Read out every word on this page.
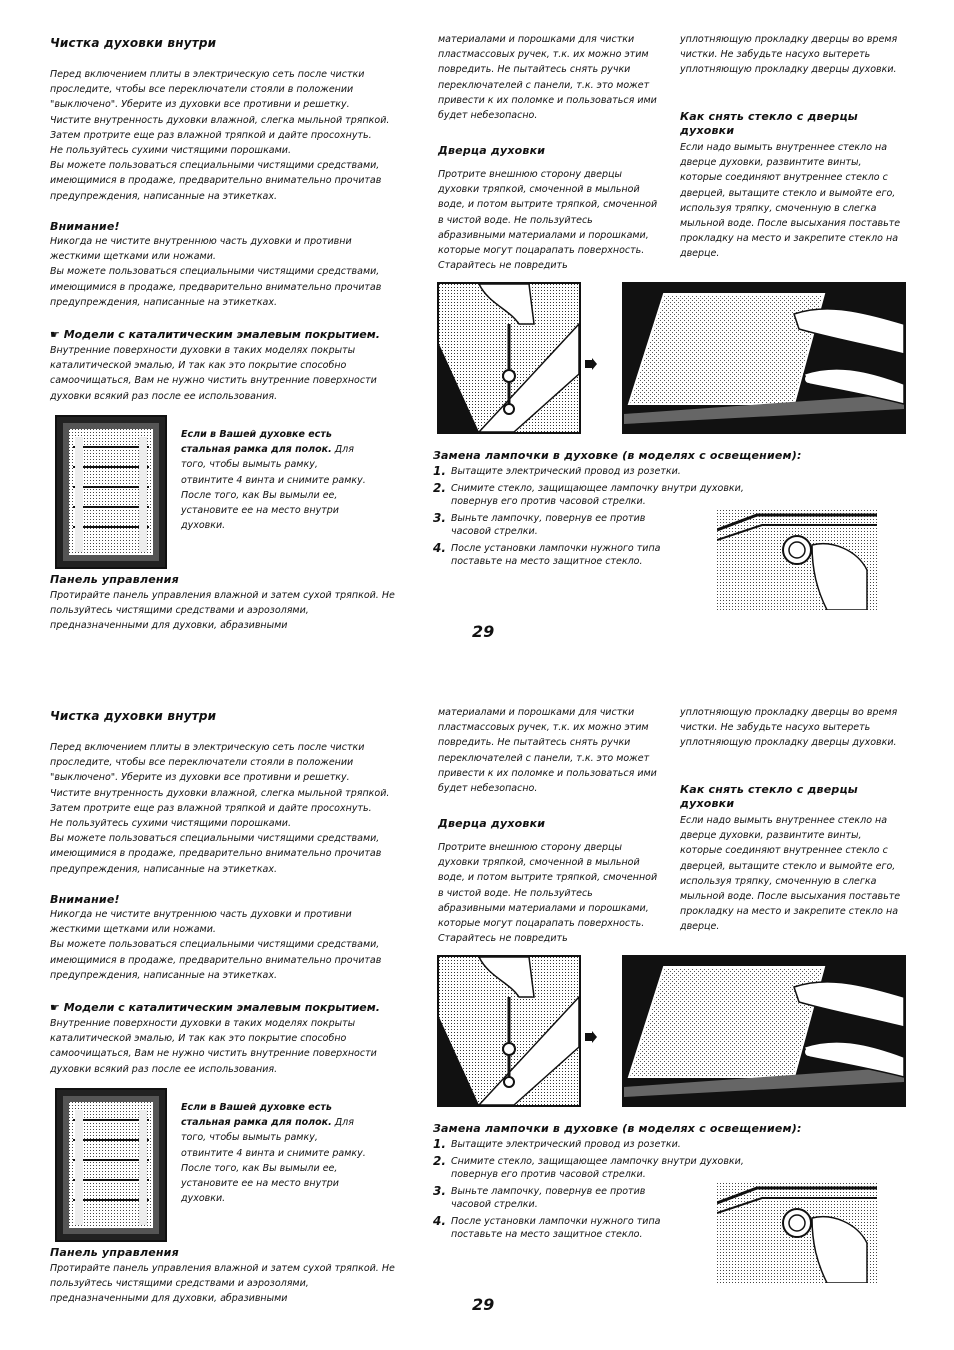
Чистка духовки внутри

Перед включением плиты в электрическую сеть после чистки проследите, чтобы все переключатели стояли в положении "выключено". Уберите из духовки все противни и решетку.

Чистите внутренность духовки влажной, слегка мыльной тряпкой.

Затем протрите еще раз влажной тряпкой и дайте просохнуть.

Не пользуйтесь сухими чистящими порошками.

Вы можете пользоваться специальными чистящими средствами, имеющимися в продаже, предварительно внимательно прочитав предупреждения, написанные на этикетках.

Внимание!

Никогда не чистите внутреннюю часть духовки и противни жесткими щетками или ножами.

Вы можете пользоваться специальными чистящими средствами, имеющимися в продаже, предварительно внимательно прочитав предупреждения, написанные на этикетках.

☛ Модели с каталитическим эмалевым покрытием.
Внутренние поверхности духовки в таких моделях покрыты каталитической эмалью, И так как это покрытие способно самоочищаться, Вам не нужно чистить внутренние поверхности духовки всякий раз после ее использования.
Если в Вашей духовке есть стальная рамка для полок. Для того, чтобы вымыть рамку, отвинтите 4 винта и снимите рамку. После того, как Вы вымыли ее, установите ее на место внутри духовки.
Панель управления
Протирайте панель управления влажной и затем сухой тряпкой. Не пользуйтесь чистящими средствами и аэрозолями, предназначенными для духовки, абразивными
материалами и порошками для чистки пластмассовых ручек, т.к. их можно этим повредить. Не пытайтесь снять ручки переключателей с панели, т.к. это может привести к их поломке и пользоваться ими будет небезопасно.
Дверца духовки
Протрите внешнюю сторону дверцы духовки тряпкой, смоченной в мыльной воде, и потом вытрите тряпкой, смоченной в чистой воде. Не пользуйтесь абразивными материалами и порошками, которые могут поцарапать поверхность. Старайтесь не повредить
уплотняющую прокладку дверцы во время чистки. Не забудьте насухо вытереть уплотняющую прокладку дверцы духовки.
Как снять стекло с дверцы духовки
Если надо вымыть внутреннее стекло на дверце духовки, развинтите винты, которые соединяют внутреннее стекло с дверцей, вытащите стекло и вымойте его, используя тряпку, смоченную в слегка мыльной воде. После высыхания поставьте прокладку на место и закрепите стекло на дверце.
Замена лампочки в духовке (в моделях с освещением):
1. Вытащите электрический провод из розетки.
2. Снимите стекло, защищающее лампочку внутри духовки, повернув его против часовой стрелки.
3. Выньте лампочку, повернув ее против часовой стрелки.
4. После установки лампочки нужного типа поставьте на место защитное стекло.
29
Чистка духовки внутри

Перед включением плиты в электрическую сеть после чистки проследите, чтобы все переключатели стояли в положении "выключено". Уберите из духовки все противни и решетку.

Чистите внутренность духовки влажной, слегка мыльной тряпкой.

Затем протрите еще раз влажной тряпкой и дайте просохнуть.

Не пользуйтесь сухими чистящими порошками.

Вы можете пользоваться специальными чистящими средствами, имеющимися в продаже, предварительно внимательно прочитав предупреждения, написанные на этикетках.

Внимание!

Никогда не чистите внутреннюю часть духовки и противни жесткими щетками или ножами.

Вы можете пользоваться специальными чистящими средствами, имеющимися в продаже, предварительно внимательно прочитав предупреждения, написанные на этикетках.

☛ Модели с каталитическим эмалевым покрытием.
Внутренние поверхности духовки в таких моделях покрыты каталитической эмалью, И так как это покрытие способно самоочищаться, Вам не нужно чистить внутренние поверхности духовки всякий раз после ее использования.
Если в Вашей духовке есть стальная рамка для полок. Для того, чтобы вымыть рамку, отвинтите 4 винта и снимите рамку. После того, как Вы вымыли ее, установите ее на место внутри духовки.
Панель управления
Протирайте панель управления влажной и затем сухой тряпкой. Не пользуйтесь чистящими средствами и аэрозолями, предназначенными для духовки, абразивными
материалами и порошками для чистки пластмассовых ручек, т.к. их можно этим повредить. Не пытайтесь снять ручки переключателей с панели, т.к. это может привести к их поломке и пользоваться ими будет небезопасно.
Дверца духовки
Протрите внешнюю сторону дверцы духовки тряпкой, смоченной в мыльной воде, и потом вытрите тряпкой, смоченной в чистой воде. Не пользуйтесь абразивными материалами и порошками, которые могут поцарапать поверхность. Старайтесь не повредить
уплотняющую прокладку дверцы во время чистки. Не забудьте насухо вытереть уплотняющую прокладку дверцы духовки.
Как снять стекло с дверцы духовки
Если надо вымыть внутреннее стекло на дверце духовки, развинтите винты, которые соединяют внутреннее стекло с дверцей, вытащите стекло и вымойте его, используя тряпку, смоченную в слегка мыльной воде. После высыхания поставьте прокладку на место и закрепите стекло на дверце.
Замена лампочки в духовке (в моделях с освещением):
1. Вытащите электрический провод из розетки.
2. Снимите стекло, защищающее лампочку внутри духовки, повернув его против часовой стрелки.
3. Выньте лампочку, повернув ее против часовой стрелки.
4. После установки лампочки нужного типа поставьте на место защитное стекло.
29
